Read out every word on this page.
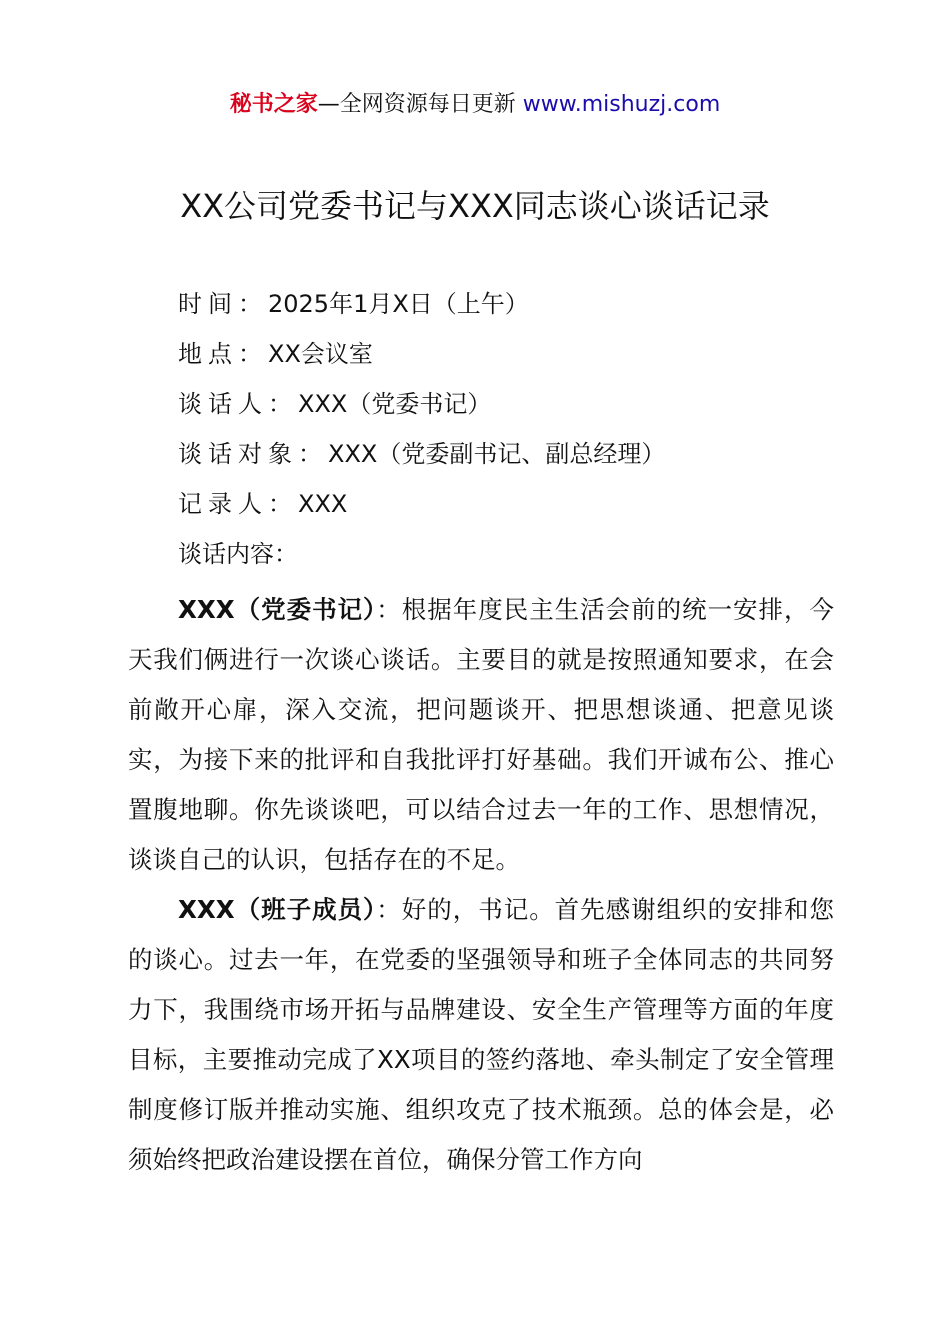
秘书之家—全网资源每日更新 www.mishuzj.com
XX公司党委书记与XXX同志谈心谈话记录
时间：2025年1月X日（上午）
地点：XX会议室
谈话人：XXX（党委书记）
谈话对象：XXX（党委副书记、副总经理）
记录人：XXX
谈话内容：

XXX（党委书记）：根据年度民主生活会前的统一安排，今天我们俩进行一次谈心谈话。主要目的就是按照通知要求，在会前敞开心扉，深入交流，把问题谈开、把思想谈通、把意见谈实，为接下来的批评和自我批评打好基础。我们开诚布公、推心置腹地聊。你先谈谈吧，可以结合过去一年的工作、思想情况，谈谈自己的认识，包括存在的不足。

XXX（班子成员）：好的，书记。首先感谢组织的安排和您的谈心。过去一年，在党委的坚强领导和班子全体同志的共同努力下，我围绕市场开拓与品牌建设、安全生产管理等方面的年度目标，主要推动完成了XX项目的签约落地、牵头制定了安全管理制度修订版并推动实施、组织攻克了技术瓶颈。总的体会是，必须始终把政治建设摆在首位，确保分管工作方向
